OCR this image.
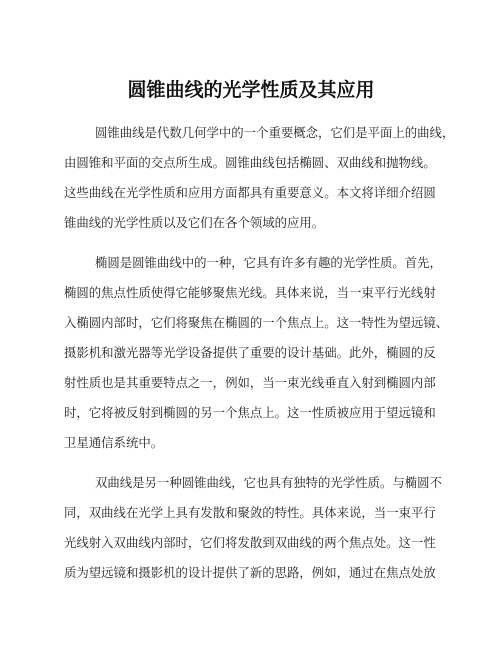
圆锥曲线的光学性质及其应用
圆锥曲线是代数几何学中的一个重要概念，它们是平面上的曲线，
由圆锥和平面的交点所生成。圆锥曲线包括椭圆、双曲线和抛物线。
这些曲线在光学性质和应用方面都具有重要意义。本文将详细介绍圆
锥曲线的光学性质以及它们在各个领域的应用。
椭圆是圆锥曲线中的一种，它具有许多有趣的光学性质。首先，
椭圆的焦点性质使得它能够聚焦光线。具体来说，当一束平行光线射
入椭圆内部时，它们将聚焦在椭圆的一个焦点上。这一特性为望远镜、
摄影机和激光器等光学设备提供了重要的设计基础。此外，椭圆的反
射性质也是其重要特点之一，例如，当一束光线垂直入射到椭圆内部
时，它将被反射到椭圆的另一个焦点上。这一性质被应用于望远镜和
卫星通信系统中。
双曲线是另一种圆锥曲线，它也具有独特的光学性质。与椭圆不
同，双曲线在光学上具有发散和聚敛的特性。具体来说，当一束平行
光线射入双曲线内部时，它们将发散到双曲线的两个焦点处。这一性
质为望远镜和摄影机的设计提供了新的思路，例如，通过在焦点处放
